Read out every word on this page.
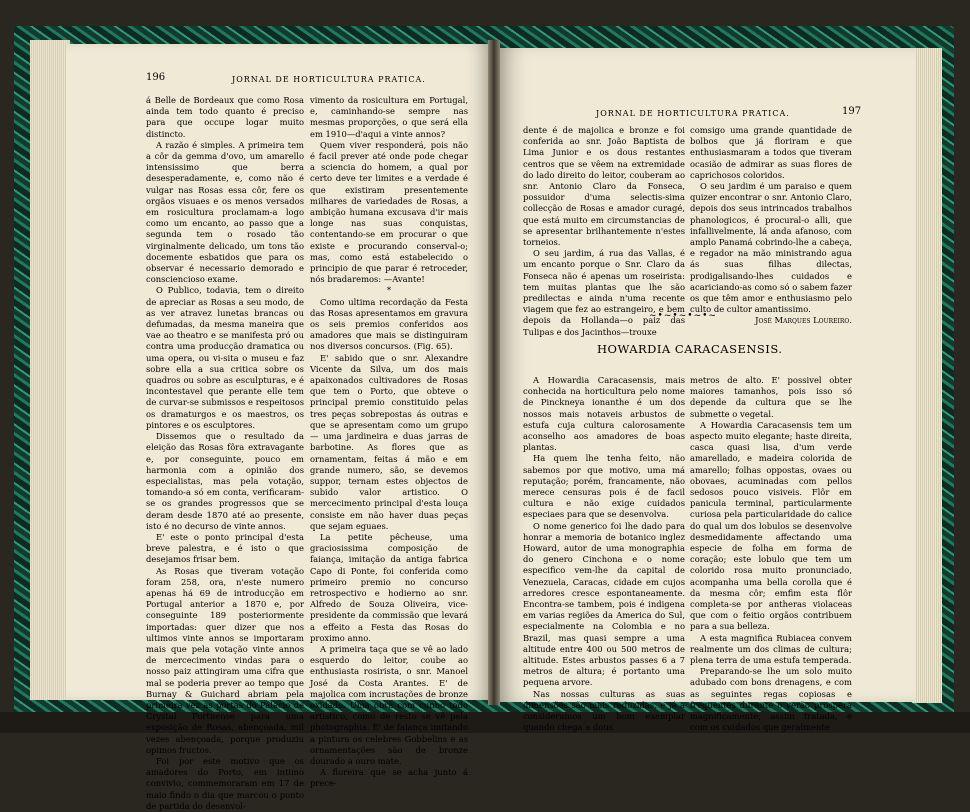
196	JORNAL DE HORTICULTURA PRATICA.

á Belle de Bordeaux que como Rosa ainda tem todo quanto é preciso para que occupe logar muito distincto.

A razão é simples. A primeira tem a côr da gemma d'ovo, um amarello intensissimo que berra desesperadamente, e, como não é vulgar nas Rosas essa côr, fere os orgãos visuaes e os menos versados em rosicultura proclamam-a logo como um encanto, ao passo que a segunda tem o rosado tão virginalmente delicado, um tons tão docemente esbatidos que para os observar é necessario demorado e conscienciosо exame.

O Publico, todavia, tem o direito de apreciar as Rosas a seu modo, de as ver atravez lunetas brancas ou defumadas, da mesma maneira que vae ao theatro e se manifesta pró ou contra uma producção dramatica ou uma opera, ou vi-sita o museu e faz sobre ella a sua critica sobre os quadros ou sobre as esculpturas, e é incontestavel que perante elle tem de curvar-se submissos e respeitosos os dramaturgos e os maestros, os pintores e os esculptores.

Dissemos que o resultado da eleição das Rosas fôra extravagante e, por conseguinte, pouco em harmonia com a opinião dos especialistas, mas pela votação, tomando-a só em conta, verificaram-se os grandes progressos que se deram desde 1870 até ao presente, isto é no decurso de vinte annos.

E' este o ponto principal d'esta breve palestra, e é isto o que desejamos frisar bem.

As Rosas que tiveram votação foram 258, ora, n'este numero apenas há 69 de introducção em Portugal anterior a 1870 e, por conseguinte 189 posteriormente importadas: quer dizer que nos ultimos vinte annos se importaram mais que pela votação vinte annos de mercecimento vindas para o nosso paiz attingiram uma cifra que mal se poderia prever ao tempo que Burnay & Guichard abriam pela primeira vez as portas do Palacio de Crystal Portuense para uma exposição de Rosas, abençoada, mil vezes abençoada, porque produziu opimos fructos.

Foi por este motivo que os amadores do Porto, em intimo convivio, commemoraram em 17 de maio findo o dia que marcou o ponto de partida do desenvol-

vimento da rosicultura em Portugal, e, caminhando-se sempre nas mesmas proporções, o que será ella em 1910—d'aqui a vinte annos?

Quem viver responderá, pois não é facil prever até onde pode chegar a sciencia do homem, a qual por certo deve ter limites e a verdade é que existiram presentemente milhares de variedades de Rosas, a ambição humana excusava d'ir mais longe nas suas conquistas, contentando-se em procurar o que existe e procurando conserval-o; mas, como está estabelecido o principio de que parar é retroceder, nós bradaremos: —Avante!

*

Como ultima recordação da Festa das Rosas apresentamos em gravura os seis premios conferidos aos amadores que mais se distinguiram nos diversos concursos. (Fig. 65).

E' sabido que o snr. Alexandre Vicente da Silva, um dos mais apaixonados cultivadores de Rosas que tem o Porto, que obteve o principal premio constituido pelas tres peças sobrepostas ás outras e que se apresentam como um grupo — uma jardineira e duas jarras de barbotine. As flores que as ornamentam, feitas á mão e em grande numero, são, se devemos suppor, ternam estes objectos de subido valor artistico. O mercecimento principal d'esta louça consiste em não haver duas peças que sejam eguaes.

La petite pêcheuse, uma graciosissima composição de faiança, imitação da antiga fabrica Capo di Ponte, foi conferida como primeiro premio no concurso retrospectivo e hodierno ao snr. Alfredo de Souza Oliveira, vice-presidente da commissão que levará a effeito a Festa das Rosas do proximo anno.

A primeira taça que se vê ao lado esquerdo do leitor, coube ao enthusiasta rosirista, o snr. Manoel José da Costa Arantes. E' de majolica com incrustações de bronze oxidado. Uma obra com cunho todo artistico, como de resto se vê pela photographia. E' de faiança imitando a pintura os celebres Gobbelins e as ornamentações são de bronze dourado a ouro mate.

A floreira que se acha junto á prece-

JORNAL DE HORTICULTURA PRATICA.	197

dente é de majolica e bronze e foi conferida ao snr. João Baptista de Lima Junior e os dous restantes centros que se vêem na extremidade do lado direito do leitor, couberam ao snr. Antonio Claro da Fonseca, possuidor d'uma selectis-sima collecção de Rosas e amador curagé, que está muito em circumstancias de se apresentar brilhantemente n'estes torneios.

O seu jardim, á rua das Vallas, é um encanto porque o Snr. Claro da Fonseca não é apenas um roseirista: tem muitas plantas que lhe são predilectas e ainda n'uma recente viagem que fez ao estrangeiro, e bem depois da Hollanda—o paiz das Tulipas e dos Jacinthos—trouxe

comsigo uma grande quantidade de bolbos que já floriram e que enthusiasmaram a todos que tiveram ocasião de admirar as suas flores de caprichosos coloridos.

O seu jardim é um paraiso e quem quizer encontrar o snr. Antonio Claro, depois dos seus intrincados trabalhos phanologicos, é procural-o alli, que infallivelmente, lá anda afanoso, com amplo Panamá cobrindo-lhe a cabeça, e regador na mão ministrando agua ás suas filhas dilectas, prodigalisando-lhes cuidados e acariciando-as como só o sabem fazer os que têm amor e enthusiasmo pelo culto de cultor amantissimo.

José Marques Loureiro.

~•~•~•~•~
HOWARDIA CARACASENSIS.

A Howardia Caracasensis, mais conhecida na horticultura pelo nome de Pinckneya ionanthe é um dos nossos mais notaveis arbustos de estufa cuja cultura calorosamente aconselho aos amadores de boas plantas.

Ha quem lhe tenha feito, não sabemos por que motivo, uma má reputação; porém, francamente, não merece censuras pois é de facil cultura e não exige cuidados especiaes para que se desenvolva.

O nome generico foi lhe dado para honrar a memoria de botanico inglez Howard, autor de uma monographia do genero Cinchona e o nome especifico vem-lhe da capital de Venezuela, Caracas, cidade em cujos arredores cresce espontaneamente. Encontra-se tambem, pois é indigena em varias regiões da America do Sul, especialmente na Colombia e no Brazil, mas quasi sempre a uma altitude entre 400 ou 500 metros de altitude. Estes arbustos passes 6 a 7 metros de altura; é portanto uma pequena arvore.

Nas nossas culturas as suas dimensões são mais reduzidas, e já a consideramos um bom exemplar quando chega a dous

metros de alto. E' possivel obter maiores tamanhos, pois isso só depende da cultura que se lhe submette o vegetal.

A Howardia Caracasensis tem um aspecto muito elegante; haste direita, casca quasi lisa, d'um verde amarellado, e madeira colorida de amarello; folhas oppostas, ovaes ou obovaes, acuminadas com pellos sedosos pouco visiveis. Flôr em panicula terminal, particularmente curiosa pela particularidade do calice do qual um dos lobulos se desenvolve desmedidamente affectando uma especie de folha em forma de coração; este lobulo que tem um colorido rosa muito pronunciado, acompanha uma bella corolla que é da mesma côr; emfim esta flôr completa-se por antheras violaceas que com o feitio orgãos contribuem para a sua belleza.

A esta magnifica Rubiacea convem realmente um dos climas de cultura; plena terra de uma estufa temperada.

Preparando-se lhe um solo muito adubado com bons drenagens, e com as seguintes regas copiosas e frequentes durante o verão prospera magnificamente; assim tratada, e com os cuidados que geralmente
